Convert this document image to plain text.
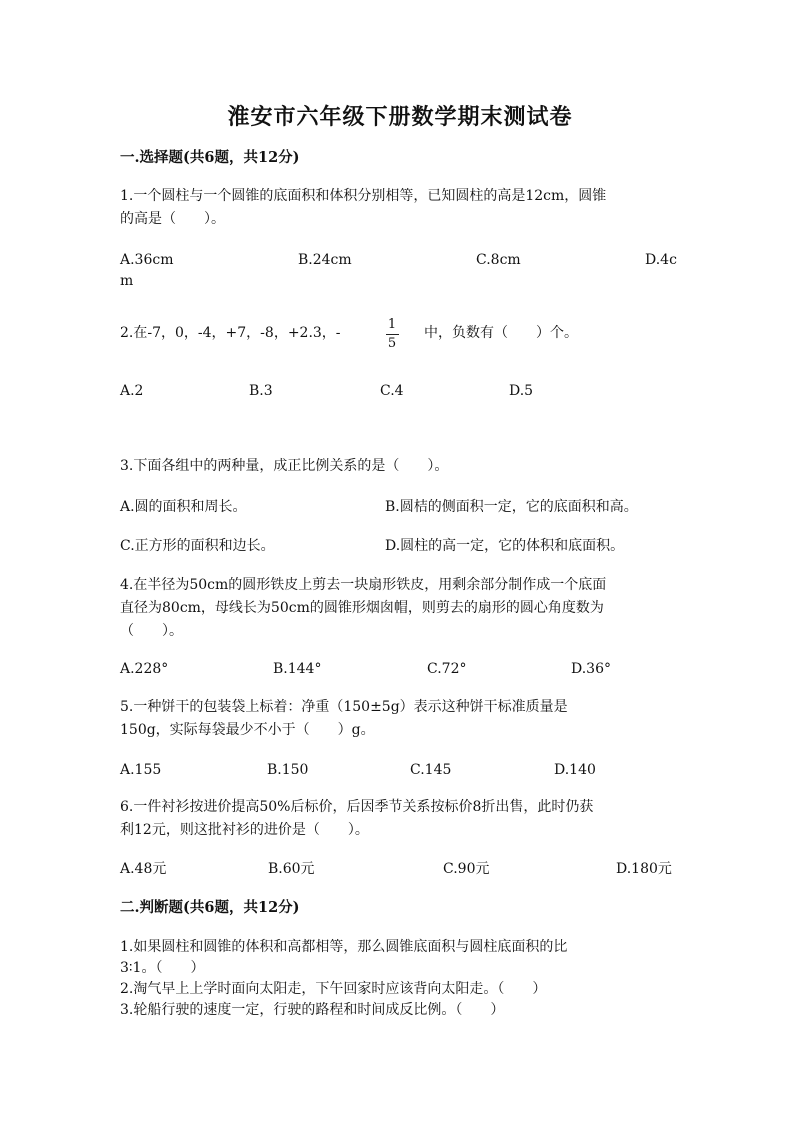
淮安市六年级下册数学期末测试卷
一.选择题(共6题，共12分)
1.一个圆柱与一个圆锥的底面积和体积分别相等，已知圆柱的高是12cm，圆锥
的高是（　　）。
A.36cm	B.24cm	C.8cm	D.4c
m
2.在-7，0，-4，+7，-8，+2.3，-
1
5
中，负数有（　　）个。
A.2	B.3	C.4	D.5
3.下面各组中的两种量，成正比例关系的是（　　）。
A.圆的面积和周长。	B.圆桔的侧面积一定，它的底面积和高。
C.正方形的面积和边长。	D.圆柱的高一定，它的体积和底面积。
4.在半径为50cm的圆形铁皮上剪去一块扇形铁皮，用剩余部分制作成一个底面
直径为80cm，母线长为50cm的圆锥形烟囱帽，则剪去的扇形的圆心角度数为
（　　）。
A.228°	B.144°	C.72°	D.36°
5.一种饼干的包装袋上标着：净重（150±5g）表示这种饼干标准质量是
150g，实际每袋最少不小于（　　）g。
A.155	B.150	C.145	D.140
6.一件衬衫按进价提高50%后标价，后因季节关系按标价8折出售，此时仍获
利12元，则这批衬衫的进价是（　　）。
A.48元	B.60元	C.90元	D.180元
二.判断题(共6题，共12分)
1.如果圆柱和圆锥的体积和高都相等，那么圆锥底面积与圆柱底面积的比
3∶1。（　　）
2.淘气早上上学时面向太阳走，下午回家时应该背向太阳走。（　　）
3.轮船行驶的速度一定，行驶的路程和时间成反比例。（　　）
